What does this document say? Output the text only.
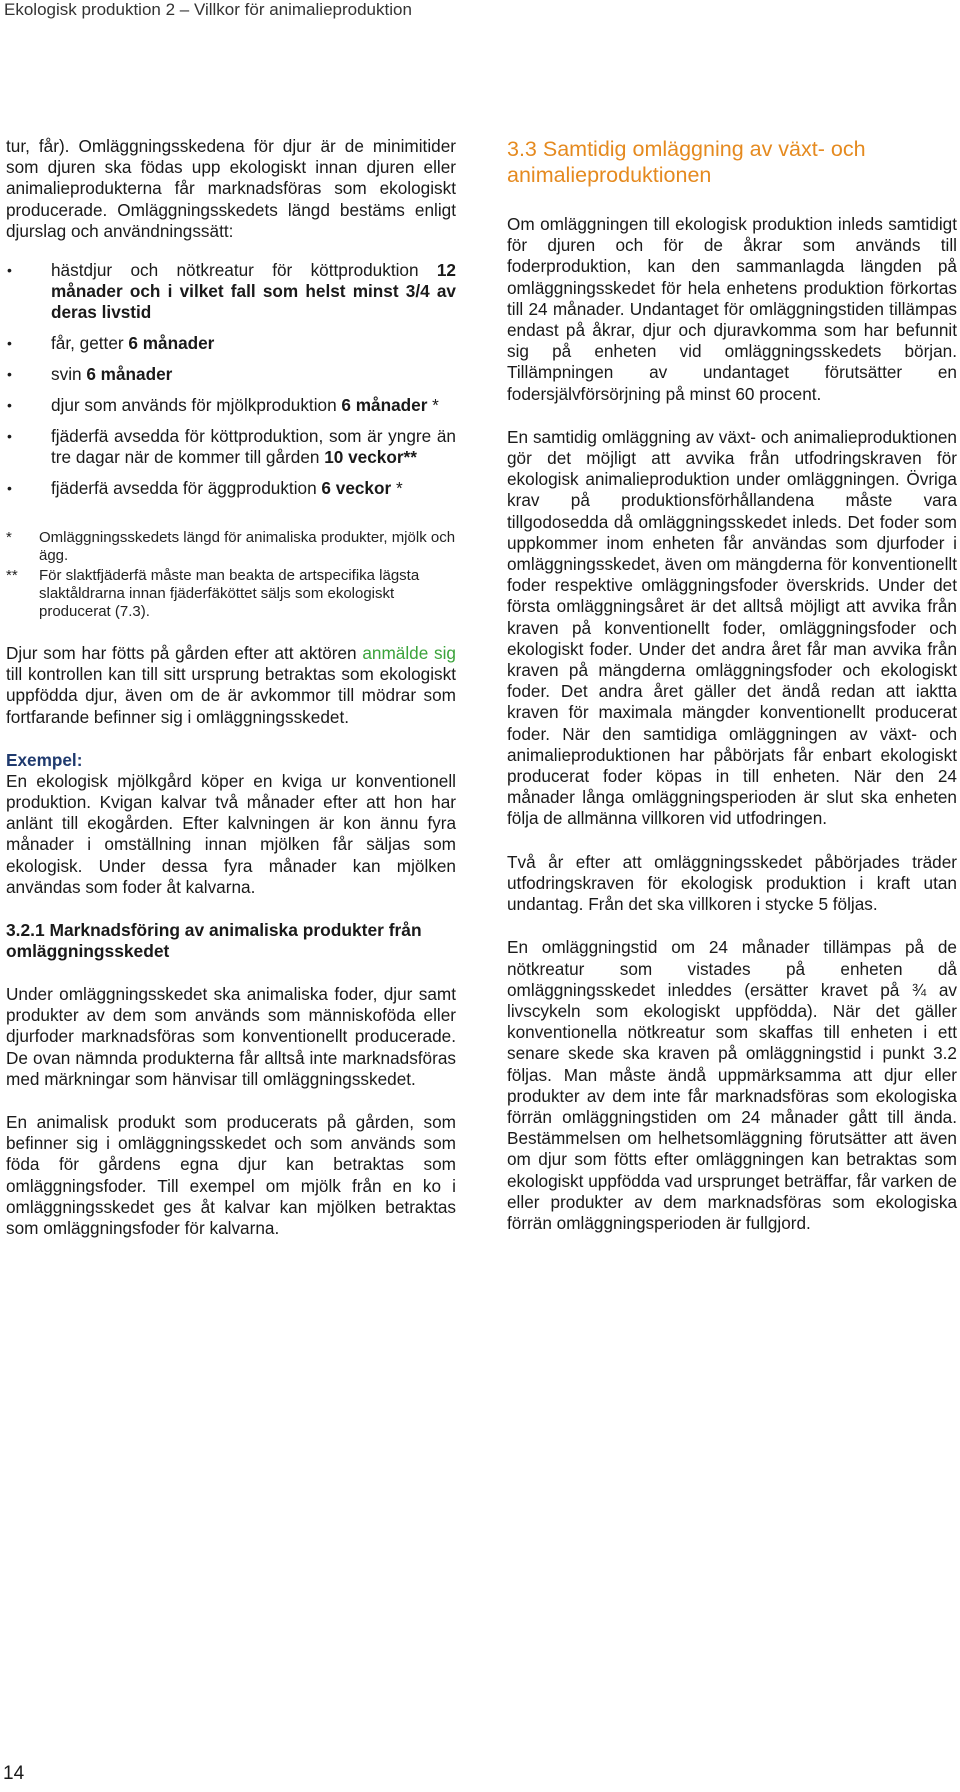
Ekologisk produktion 2 – Villkor för animalieproduktion

tur, får). Omläggningsskedena för djur är de minimitider som djuren ska födas upp ekologiskt innan djuren eller animalieprodukterna får marknadsföras som ekologiskt producerade. Omläggningsskedets längd bestäms enligt djurslag och användningssätt:

• hästdjur och nötkreatur för köttproduktion 12 månader och i vilket fall som helst minst 3/4 av deras livstid
• får, getter 6 månader
• svin 6 månader
• djur som används för mjölkproduktion 6 månader *
• fjäderfä avsedda för köttproduktion, som är yngre än tre dagar när de kommer till gården 10 veckor**
• fjäderfä avsedda för äggproduktion 6 veckor *
* Omläggningsskedets längd för animaliska produkter, mjölk och ägg.
** För slaktfjäderfä måste man beakta de artspecifika lägsta slaktåldrarna innan fjäderfäköttet säljs som ekologiskt producerat (7.3).

Djur som har fötts på gården efter att aktören anmälde sig till kontrollen kan till sitt ursprung betraktas som ekologiskt uppfödda djur, även om de är avkommor till mödrar som fortfarande befinner sig i omläggningsskedet.

Exempel:

En ekologisk mjölkgård köper en kviga ur konventionell produktion. Kvigan kalvar två månader efter att hon har anlänt till ekogården. Efter kalvningen är kon ännu fyra månader i omställning innan mjölken får säljas som ekologisk. Under dessa fyra månader kan mjölken användas som foder åt kalvarna.

3.2.1 Marknadsföring av animaliska produkter från omläggningsskedet

Under omläggningsskedet ska animaliska foder, djur samt produkter av dem som används som människoföda eller djurfoder marknadsföras som konventionellt producerade. De ovan nämnda produkterna får alltså inte marknadsföras med märkningar som hänvisar till omläggningsskedet.

En animalisk produkt som producerats på gården, som befinner sig i omläggningsskedet och som används som föda för gårdens egna djur kan betraktas som omläggningsfoder. Till exempel om mjölk från en ko i omläggningsskedet ges åt kalvar kan mjölken betraktas som omläggningsfoder för kalvarna.

3.3 Samtidig omläggning av växt- och animalieproduktionen

Om omläggningen till ekologisk produktion inleds samtidigt för djuren och för de åkrar som används till foderproduktion, kan den sammanlagda längden på omläggningsskedet för hela enhetens produktion förkortas till 24 månader. Undantaget för omläggningstiden tillämpas endast på åkrar, djur och djuravkomma som har befunnit sig på enheten vid omläggningsskedets början. Tillämpningen av undantaget förutsätter en fodersjälvförsörjning på minst 60 procent.

En samtidig omläggning av växt- och animalieproduktionen gör det möjligt att avvika från utfodringskraven för ekologisk animalieproduktion under omläggningen. Övriga krav på produktionsförhållandena måste vara tillgodosedda då omläggningsskedet inleds. Det foder som uppkommer inom enheten får användas som djurfoder i omläggningsskedet, även om mängderna för konventionellt foder respektive omläggningsfoder överskrids. Under det första omläggningsåret är det alltså möjligt att avvika från kraven på konventionellt foder, omläggningsfoder och ekologiskt foder. Under det andra året får man avvika från kraven på mängderna omläggningsfoder och ekologiskt foder. Det andra året gäller det ändå redan att iaktta kraven för maximala mängder konventionellt producerat foder. När den samtidiga omläggningen av växt- och animalieproduktionen har påbörjats får enbart ekologiskt producerat foder köpas in till enheten. När den 24 månader långa omläggningsperioden är slut ska enheten följa de allmänna villkoren vid utfodringen.

Två år efter att omläggningsskedet påbörjades träder utfodringskraven för ekologisk produktion i kraft utan undantag. Från det ska villkoren i stycke 5 följas.

En omläggningstid om 24 månader tillämpas på de nötkreatur som vistades på enheten då omläggningsskedet inleddes (ersätter kravet på ¾ av livscykeln som ekologiskt uppfödda). När det gäller konventionella nötkreatur som skaffas till enheten i ett senare skede ska kraven på omläggningstid i punkt 3.2 följas. Man måste ändå uppmärksamma att djur eller produkter av dem inte får marknadsföras som ekologiska förrän omläggningstiden om 24 månader gått till ända. Bestämmelsen om helhetsomläggning förutsätter att även om djur som fötts efter omläggningen kan betraktas som ekologiskt uppfödda vad ursprunget beträffar, får varken de eller produkter av dem marknadsföras som ekologiska förrän omläggningsperioden är fullgjord.

14
